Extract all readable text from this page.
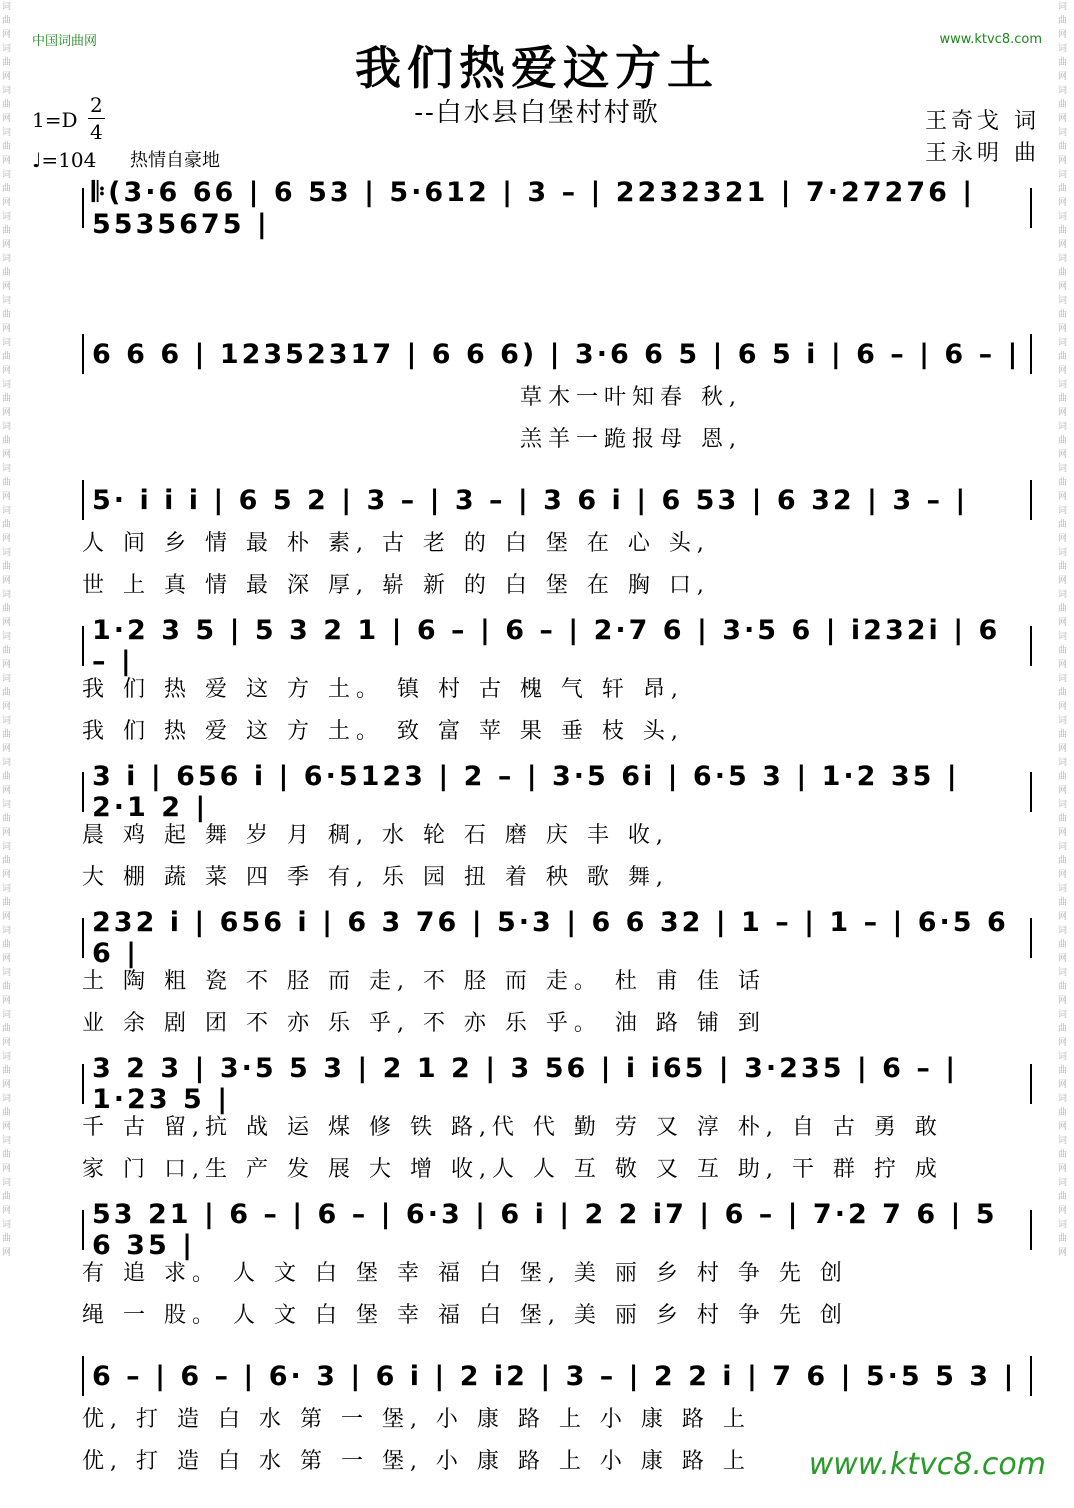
词曲网词曲网词曲网词曲网词曲网词曲网词曲网词曲网词曲网词曲网词曲网词曲网词曲网词曲网词曲网词曲网词曲网词曲网词曲网词曲网词曲网词曲网词曲网词曲网词曲网词曲网词曲网词曲网词曲网词曲网
词曲网词曲网词曲网词曲网词曲网词曲网词曲网词曲网词曲网词曲网词曲网词曲网词曲网词曲网词曲网词曲网词曲网词曲网词曲网词曲网词曲网词曲网词曲网词曲网词曲网词曲网词曲网词曲网词曲网词曲网
中国词曲网	www.ktvc8.com
我们热爱这方土
--白水县白堡村村歌	王奇戈 词
王永明 曲
1=D
2
4
♩=104 热情自豪地
𝄆(3·6 66 | 6 53 | 5·612 | 3 – | 2232321 | 7·27276 | 5535675 |
6 6 6 | 12352317 | 6 6 6) | 3·6 6 5 | 6 5 i | 6 – | 6 – |
草木一叶知春 秋,
羔羊一跪报母 恩,
5· i i i | 6 5 2 | 3 – | 3 – | 3 6 i | 6 53 | 6 32 | 3 – |
人 间 乡 情 最 朴 素, 古 老 的 白 堡 在 心 头,
世 上 真 情 最 深 厚, 崭 新 的 白 堡 在 胸 口,
1·2 3 5 | 5 3 2 1 | 6 – | 6 – | 2·7 6 | 3·5 6 | i232i | 6 – |
我 们 热 爱 这 方 土。 镇 村 古 槐 气 轩 昂,
我 们 热 爱 这 方 土。 致 富 苹 果 垂 枝 头,
3 i | 656 i | 6·5123 | 2 – | 3·5 6i | 6·5 3 | 1·2 35 | 2·1 2 |
晨 鸡 起 舞 岁 月 稠, 水 轮 石 磨 庆 丰 收,
大 棚 蔬 菜 四 季 有, 乐 园 扭 着 秧 歌 舞,
232 i | 656 i | 6 3 76 | 5·3 | 6 6 32 | 1 – | 1 – | 6·5 6 6 |
土 陶 粗 瓷 不 胫 而 走, 不 胫 而 走。 杜 甫 佳 话
业 余 剧 团 不 亦 乐 乎, 不 亦 乐 乎。 油 路 铺 到
3 2 3 | 3·5 5 3 | 2 1 2 | 3 56 | i i65 | 3·235 | 6 – | 1·23 5 |
千 古 留,抗 战 运 煤 修 铁 路,代 代 勤 劳 又 淳 朴, 自 古 勇 敢
家 门 口,生 产 发 展 大 增 收,人 人 互 敬 又 互 助, 干 群 拧 成
53 21 | 6 – | 6 – | 6·3 | 6 i | 2 2 i7 | 6 – | 7·2 7 6 | 5 6 35 |
有 追 求。 人 文 白 堡 幸 福 白 堡, 美 丽 乡 村 争 先 创
绳 一 股。 人 文 白 堡 幸 福 白 堡, 美 丽 乡 村 争 先 创
6 – | 6 – | 6· 3 | 6 i | 2 i2 | 3 – | 2 2 i | 7 6 | 5·5 5 3 |
优, 打 造 白 水 第 一 堡, 小 康 路 上 小 康 路 上
优, 打 造 白 水 第 一 堡, 小 康 路 上 小 康 路 上	www.ktvc8.com
